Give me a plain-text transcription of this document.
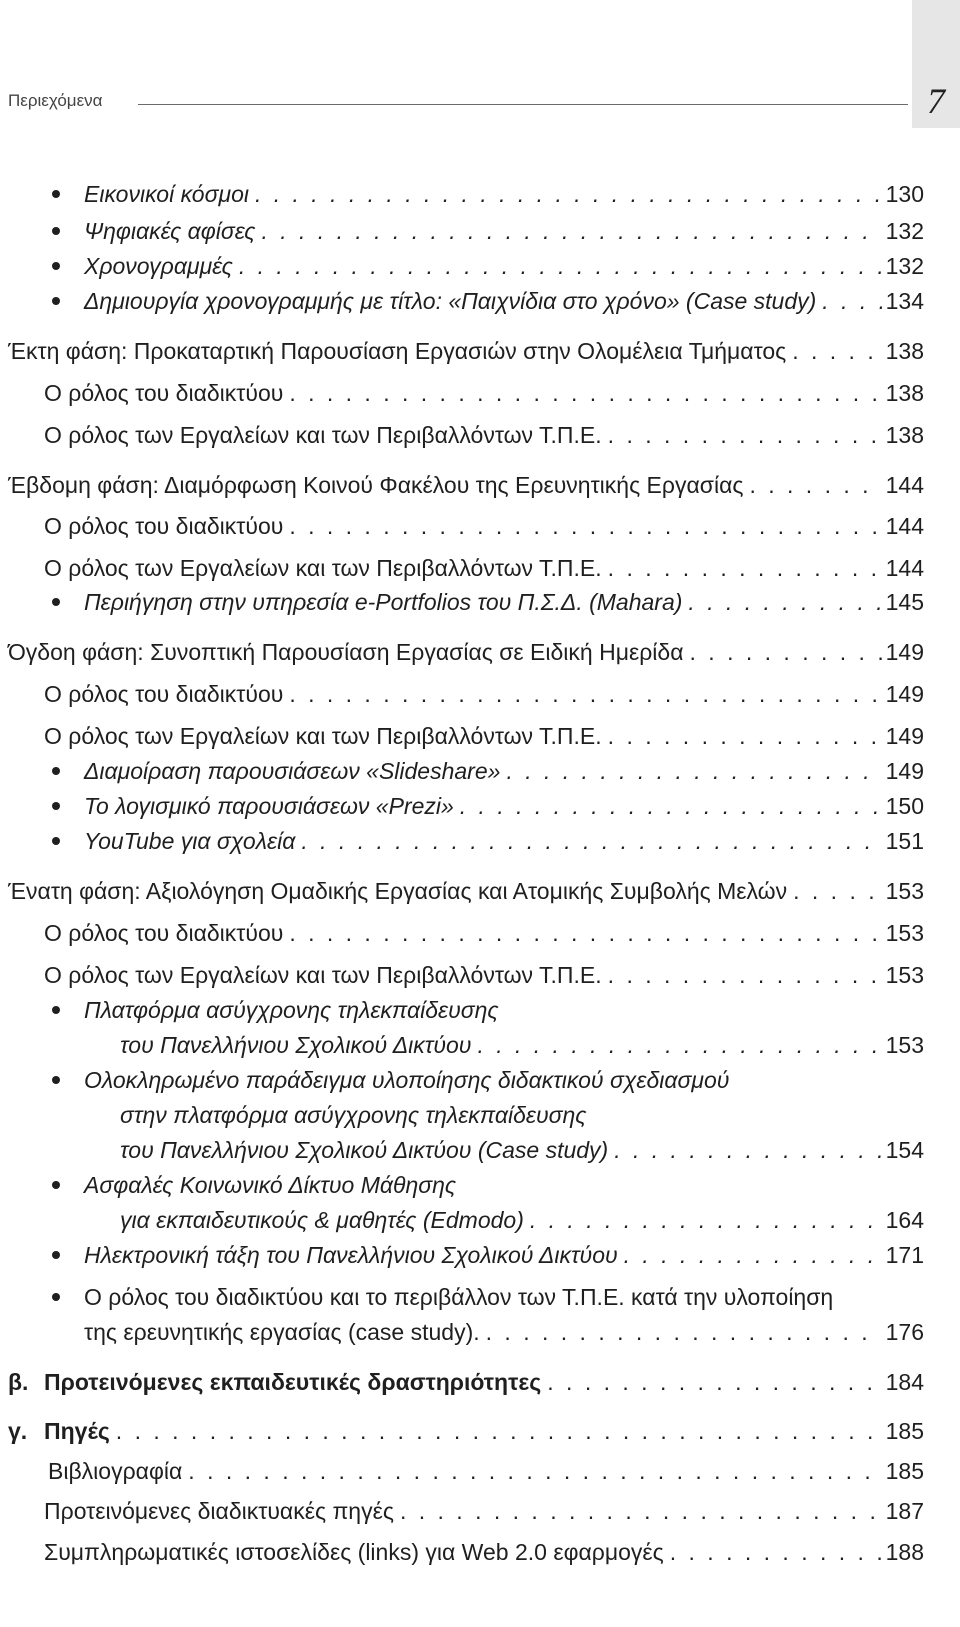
Περιεχόμενα	7
Εικονικοί κόσμοι . . .	130
Ψηφιακές αφίσες . . .	132
Χρονογραμμές . . .	132
Δημιουργία χρονογραμμής με τίτλο: «Παιχνίδια στο χρόνο» (Case study) . . .	134
Έκτη φάση: Προκαταρτική Παρουσίαση Εργασιών στην Ολομέλεια Τμήματος . . .	138
Ο ρόλος του διαδικτύου . . .	138
Ο ρόλος των Εργαλείων και των Περιβαλλόντων Τ.Π.Ε. . . .	138
Έβδομη φάση: Διαμόρφωση Κοινού Φακέλου της Ερευνητικής Εργασίας . . .	144
Ο ρόλος του διαδικτύου . . .	144
Ο ρόλος των Εργαλείων και των Περιβαλλόντων Τ.Π.Ε. . . .	144
Περιήγηση στην υπηρεσία e-Portfolios του Π.Σ.Δ. (Mahara) . . .	145
Όγδοη φάση: Συνοπτική Παρουσίαση Εργασίας σε Ειδική Ημερίδα . . .	149
Ο ρόλος του διαδικτύου . . .	149
Ο ρόλος των Εργαλείων και των Περιβαλλόντων Τ.Π.Ε. . . .	149
Διαμοίραση παρουσιάσεων «Slideshare» . . .	149
Το λογισμικό παρουσιάσεων «Prezi» . . .	150
YouTube για σχολεία . . .	151
Ένατη φάση: Αξιολόγηση Ομαδικής Εργασίας και Ατομικής Συμβολής Μελών . . .	153
Ο ρόλος του διαδικτύου . . .	153
Ο ρόλος των Εργαλείων και των Περιβαλλόντων Τ.Π.Ε. . . .	153
Πλατφόρμα ασύγχρονης τηλεκπαίδευσης
του Πανελλήνιου Σχολικού Δικτύου . . .	153
Ολοκληρωμένο παράδειγμα υλοποίησης διδακτικού σχεδιασμού
στην πλατφόρμα ασύγχρονης τηλεκπαίδευσης
του Πανελλήνιου Σχολικού Δικτύου (Case study) . . .	154
Ασφαλές Κοινωνικό Δίκτυο Μάθησης
για εκπαιδευτικούς & μαθητές (Edmodo) . . .	164
Ηλεκτρονική τάξη του Πανελλήνιου Σχολικού Δικτύου . . .	171
Ο ρόλος του διαδικτύου και το περιβάλλον των Τ.Π.Ε. κατά την υλοποίηση
της ερευνητικής εργασίας (case study). . . .	176
β. Προτεινόμενες εκπαιδευτικές δραστηριότητες . . .	184
γ. Πηγές . . .	185
Βιβλιογραφία . . .	185
Προτεινόμενες διαδικτυακές πηγές . . .	187
Συμπληρωματικές ιστοσελίδες (links) για Web 2.0 εφαρμογές . . .	188
